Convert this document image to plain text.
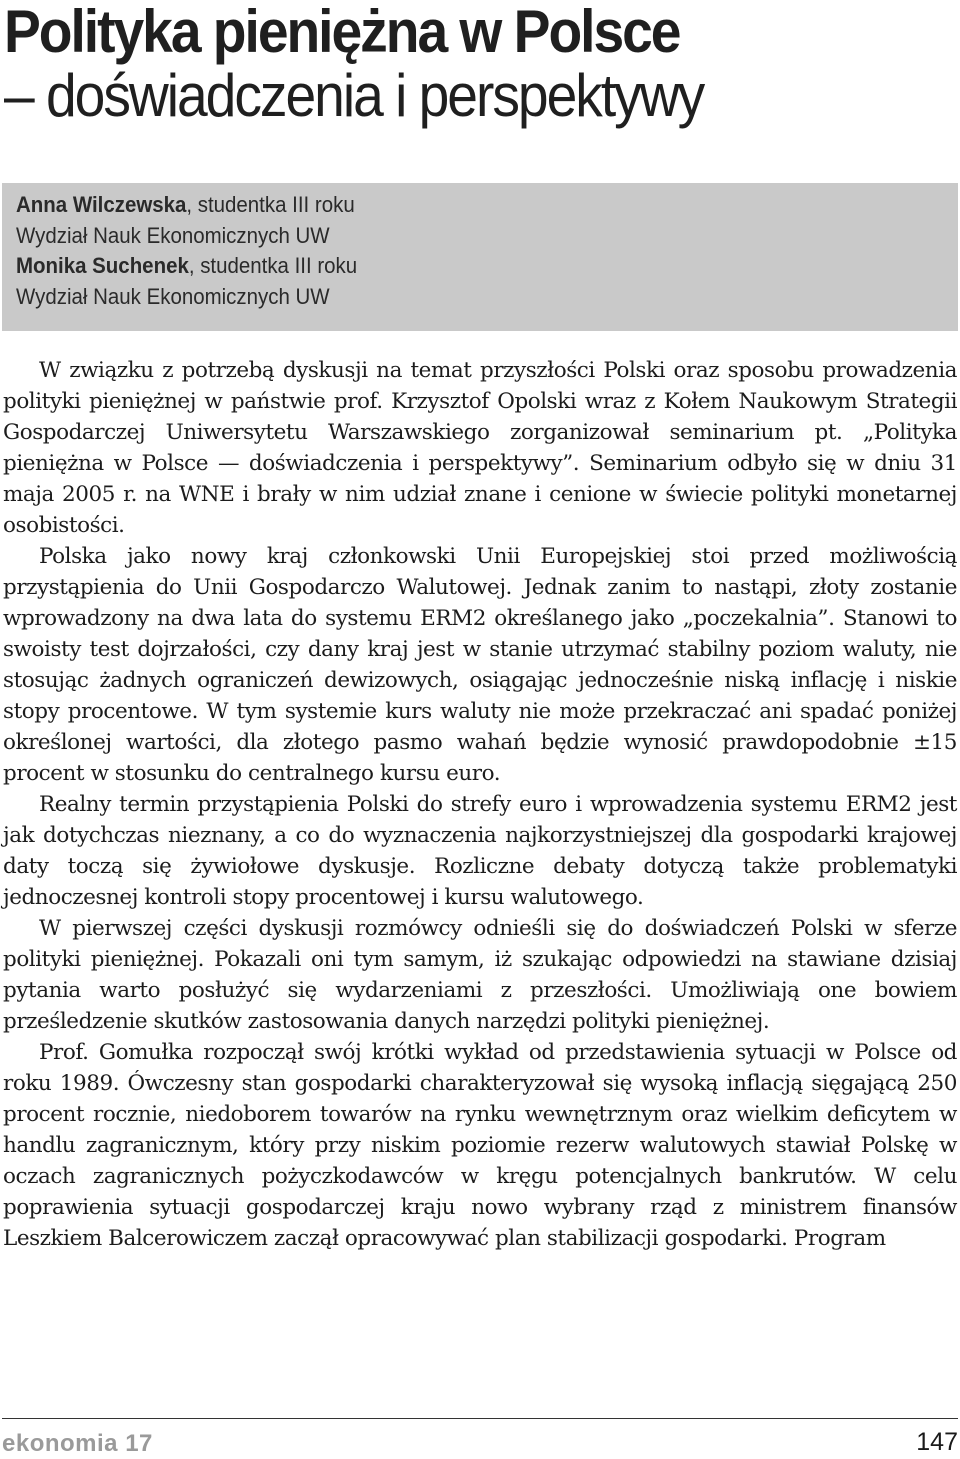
Polityka pieniężna w Polsce
– doświadczenia i perspektywy
Anna Wilczewska, studentka III roku
Wydział Nauk Ekonomicznych UW
Monika Suchenek, studentka III roku
Wydział Nauk Ekonomicznych UW

W związku z potrzebą dyskusji na temat przyszłości Polski oraz sposobu prowadzenia polityki pieniężnej w państwie prof. Krzysztof Opolski wraz z Kołem Naukowym Strategii Gospodarczej Uniwersytetu Warszawskiego zorganizował seminarium pt. „Polityka pieniężna w Polsce — doświadczenia i perspektywy”. Seminarium odbyło się w dniu 31 maja 2005 r. na WNE i brały w nim udział znane i cenione w świecie polityki monetarnej osobistości.

Polska jako nowy kraj członkowski Unii Europejskiej stoi przed możliwością przystąpienia do Unii Gospodarczo Walutowej. Jednak zanim to nastąpi, złoty zostanie wprowadzony na dwa lata do systemu ERM2 określanego jako „poczekalnia”. Stanowi to swoisty test dojrzałości, czy dany kraj jest w stanie utrzymać stabilny poziom waluty, nie stosując żadnych ograniczeń dewizowych, osiągając jednocześnie niską inflację i niskie stopy procentowe. W tym systemie kurs waluty nie może przekraczać ani spadać poniżej określonej wartości, dla złotego pasmo wahań będzie wynosić prawdopodobnie ±15 procent w stosunku do centralnego kursu euro.

Realny termin przystąpienia Polski do strefy euro i wprowadzenia systemu ERM2 jest jak dotychczas nieznany, a co do wyznaczenia najkorzystniejszej dla gospodarki krajowej daty toczą się żywiołowe dyskusje. Rozliczne debaty dotyczą także problematyki jednoczesnej kontroli stopy procentowej i kursu walutowego.

W pierwszej części dyskusji rozmówcy odnieśli się do doświadczeń Polski w sferze polityki pieniężnej. Pokazali oni tym samym, iż szukając odpowiedzi na stawiane dzisiaj pytania warto posłużyć się wydarzeniami z przeszłości. Umożliwiają one bowiem prześledzenie skutków zastosowania danych narzędzi polityki pieniężnej.

Prof. Gomułka rozpoczął swój krótki wykład od przedstawienia sytuacji w Polsce od roku 1989. Ówczesny stan gospodarki charakteryzował się wysoką inflacją sięgającą 250 procent rocznie, niedoborem towarów na rynku wewnętrznym oraz wielkim deficytem w handlu zagranicznym, który przy niskim poziomie rezerw walutowych stawiał Polskę w oczach zagranicznych pożyczkodawców w kręgu potencjalnych bankrutów. W celu poprawienia sytuacji gospodarczej kraju nowo wybrany rząd z ministrem finansów Leszkiem Balcerowiczem zaczął opracowywać plan stabilizacji gospodarki. Program

ekonomia 17	147
